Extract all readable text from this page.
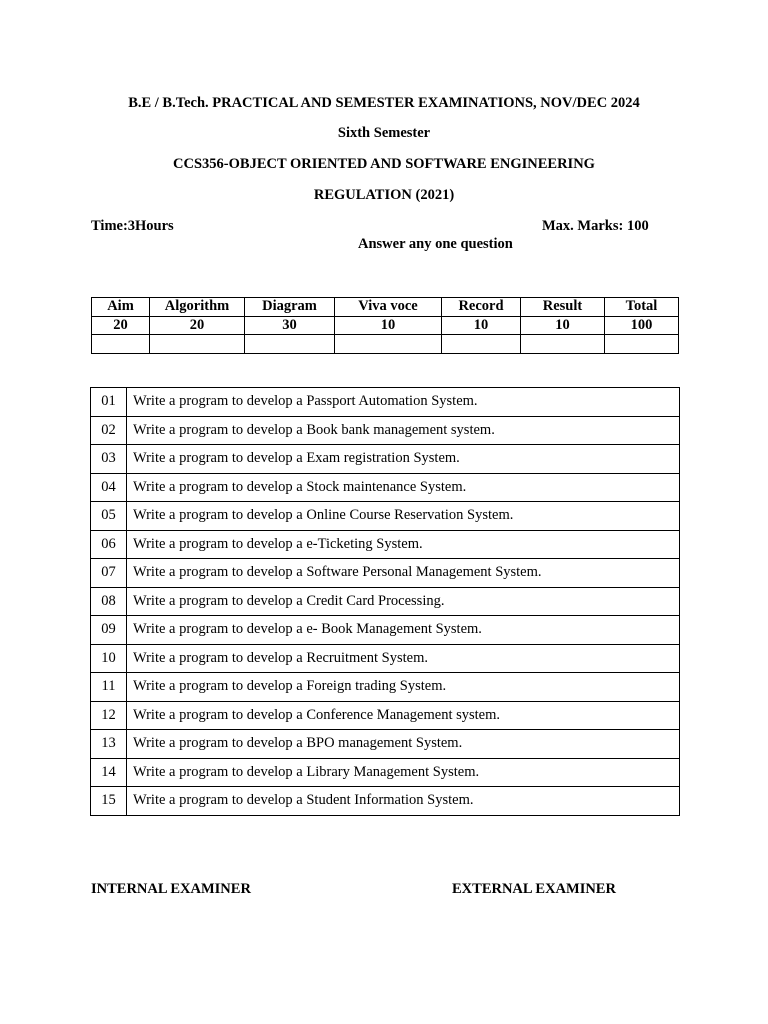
B.E / B.Tech. PRACTICAL AND SEMESTER EXAMINATIONS, NOV/DEC 2024
Sixth Semester
CCS356-OBJECT ORIENTED AND SOFTWARE ENGINEERING
REGULATION (2021)
Time:3Hours	Max. Marks: 100
Answer any one question
Aim	Algorithm	Diagram	Viva voce	Record	Result	Total
20	20	30	10	10	10	100

01	Write a program to develop a Passport Automation System.
02	Write a program to develop a Book bank management system.
03	Write a program to develop a Exam registration System.
04	Write a program to develop a Stock maintenance System.
05	Write a program to develop a Online Course Reservation System.
06	Write a program to develop a e-Ticketing System.
07	Write a program to develop a Software Personal Management System.
08	Write a program to develop a Credit Card Processing.
09	Write a program to develop a e- Book Management System.
10	Write a program to develop a Recruitment System.
11	Write a program to develop a Foreign trading System.
12	Write a program to develop a Conference Management system.
13	Write a program to develop a BPO management System.
14	Write a program to develop a Library Management System.
15	Write a program to develop a Student Information System.
INTERNAL EXAMINER	EXTERNAL EXAMINER
